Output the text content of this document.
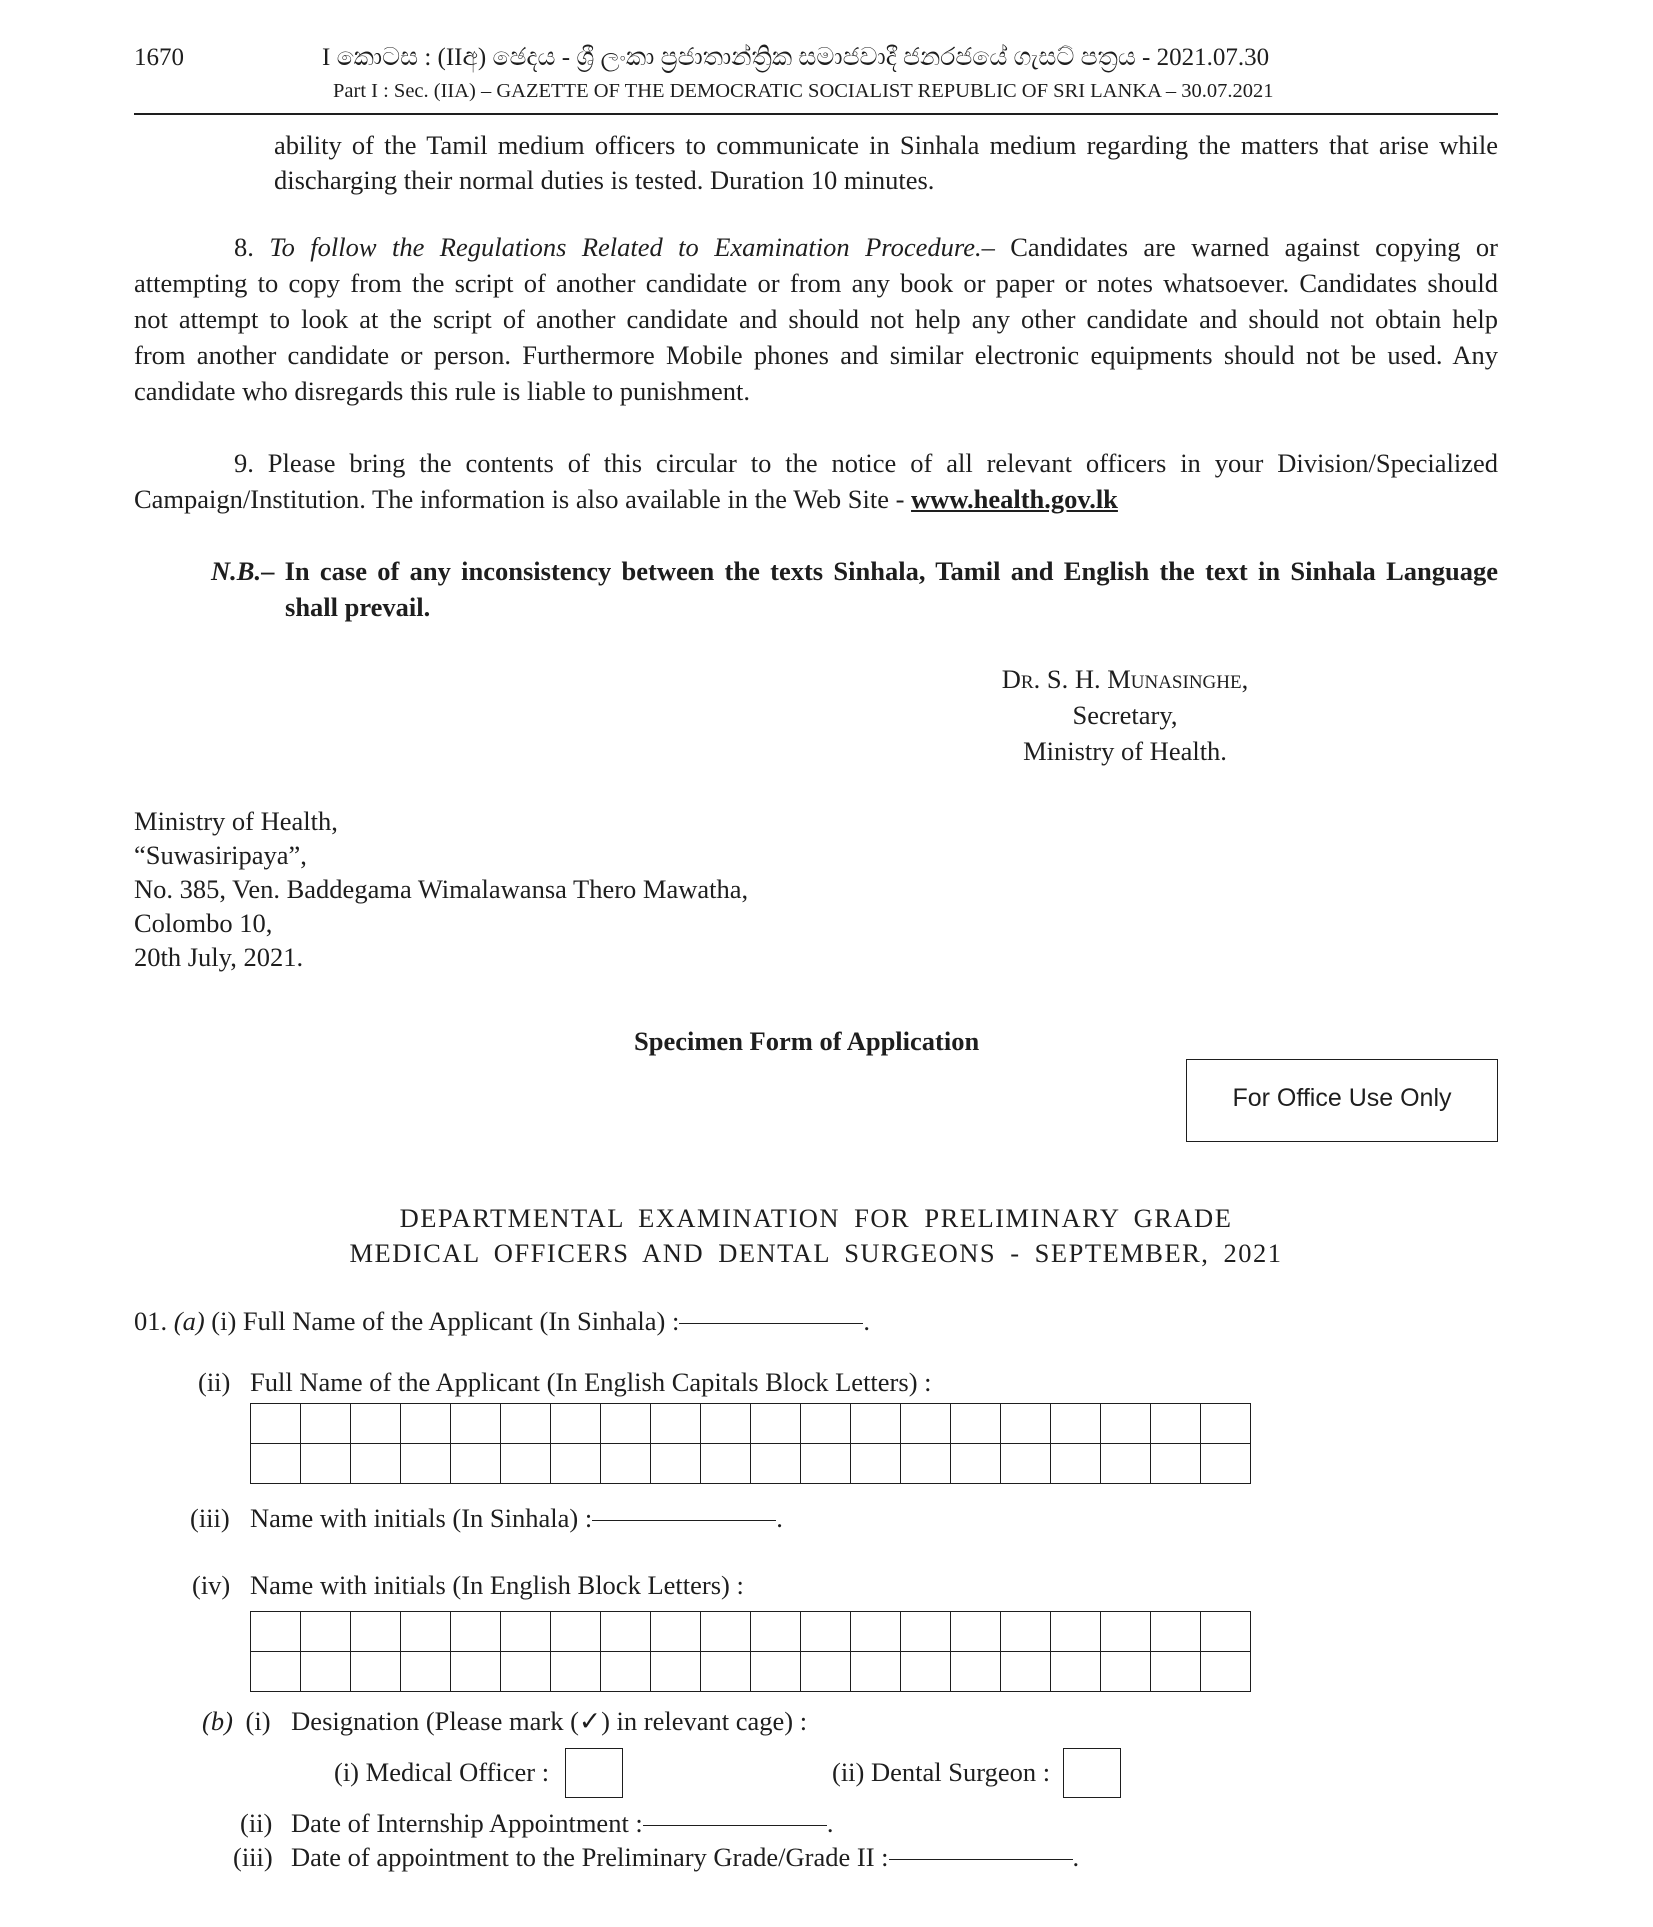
1670	I කොටස : (IIඅ) ඡෙදය - ශ්‍රී ලංකා ප්‍රජාතාන්ත්‍රික සමාජවාදී ජනරජයේ ගැසට් පත්‍රය - 2021.07.30
Part I : Sec. (IIA) – GAZETTE OF THE DEMOCRATIC SOCIALIST REPUBLIC OF SRI LANKA – 30.07.2021
ability of the Tamil medium officers to communicate in Sinhala medium regarding the matters that arise while
discharging their normal duties is tested. Duration 10 minutes.
8. To follow the Regulations Related to Examination Procedure.– Candidates are warned against copying or
attempting to copy from the script of another candidate or from any book or paper or notes whatsoever. Candidates should
not attempt to look at the script of another candidate and should not help any other candidate and should not obtain help
from another candidate or person. Furthermore Mobile phones and similar electronic equipments should not be used. Any
candidate who disregards this rule is liable to punishment.
9. Please bring the contents of this circular to the notice of all relevant officers in your Division/Specialized
Campaign/Institution. The information is also available in the Web Site - www.health.gov.lk
N.B.– In case of any inconsistency between the texts Sinhala, Tamil and English the text in Sinhala Language
shall prevail.
Dr. S. H. Munasinghe,
Secretary,
Ministry of Health.
Ministry of Health,
“Suwasiripaya”,
No. 385, Ven. Baddegama Wimalawansa Thero Mawatha,
Colombo 10,
20th July, 2021.
Specimen Form of Application
For Office Use Only
DEPARTMENTAL EXAMINATION FOR PRELIMINARY GRADE
MEDICAL OFFICERS AND DENTAL SURGEONS - SEPTEMBER, 2021
01. (a) (i) Full Name of the Applicant (In Sinhala) :	.
(ii) Full Name of the Applicant (In English Capitals Block Letters) :
(iii) Name with initials (In Sinhala) :	.
(iv) Name with initials (In English Block Letters) :
(b) (i) Designation (Please mark (✓) in relevant cage) :
(i) Medical Officer :	(ii) Dental Surgeon :
(ii) Date of Internship Appointment :	.
(iii) Date of appointment to the Preliminary Grade/Grade II :	.
